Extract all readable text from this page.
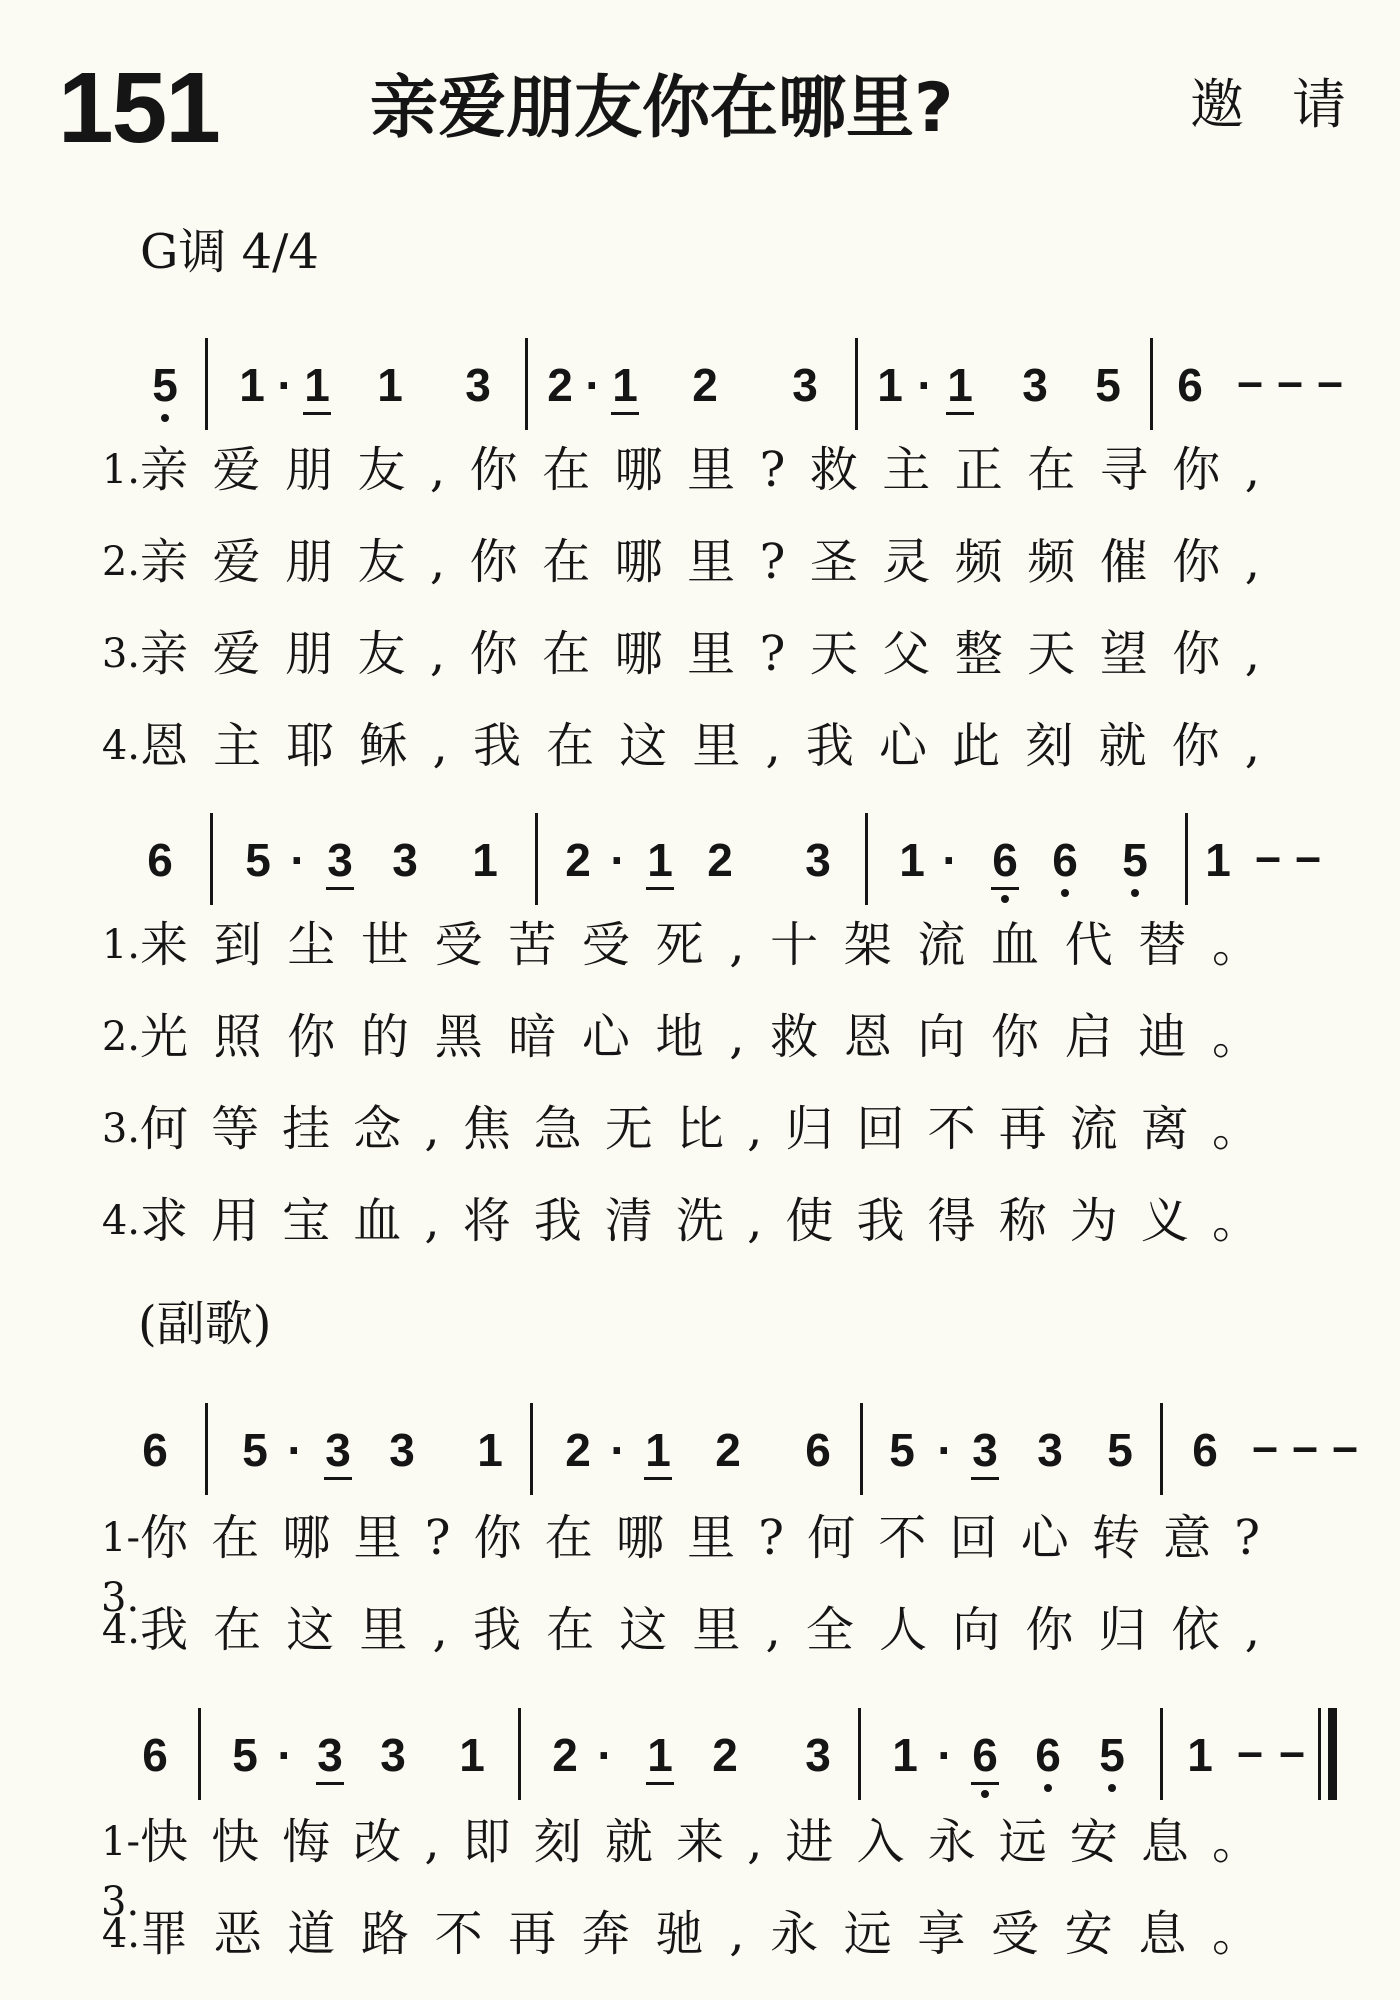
151 亲爱朋友你在哪里?	邀请
G调 4/4
(副歌)
5 1 · 1 1 3 2 · 1 2 3 1 · 1 3 5 6 – – –
1. 亲​爱​朋​友​,​你​在​哪​里​?​救​主​正​在​寻​你​,
2. 亲​爱​朋​友​,​你​在​哪​里​?​圣​灵​频​频​催​你​,
3. 亲​爱​朋​友​,​你​在​哪​里​?​天​父​整​天​望​你​,
4. 恩​主​耶​稣​,​我​在​这​里​,​我​心​此​刻​就​你​,
6 5 · 3 3 1 2 · 1 2 3 1 · 6 6 5 1 – –
1. 来​到​尘​世​受​苦​受​死​,​十​架​流​血​代​替​。
2. 光​照​你​的​黑​暗​心​地​,​救​恩​向​你​启​迪​。
3. 何​等​挂​念​,​焦​急​无​比​,​归​回​不​再​流​离​。
4. 求​用​宝​血​,​将​我​清​洗​,​使​我​得​称​为​义​。
6 5 · 3 3 1 2 · 1 2 6 5 · 3 3 5 6 – – –
1-3.
你​在​哪​里​?​你​在​哪​里​?​何​不​回​心​转​意​?
4. 我​在​这​里​,​我​在​这​里​,​全​人​向​你​归​依​,
6 5 · 3 3 1 2 · 1 2 3 1 · 6 6 5 1 – –
1-3.
快​快​悔​改​,​即​刻​就​来​,​进​入​永​远​安​息​。
4. 罪​恶​道​路​不​再​奔​驰​,​永​远​享​受​安​息​。
